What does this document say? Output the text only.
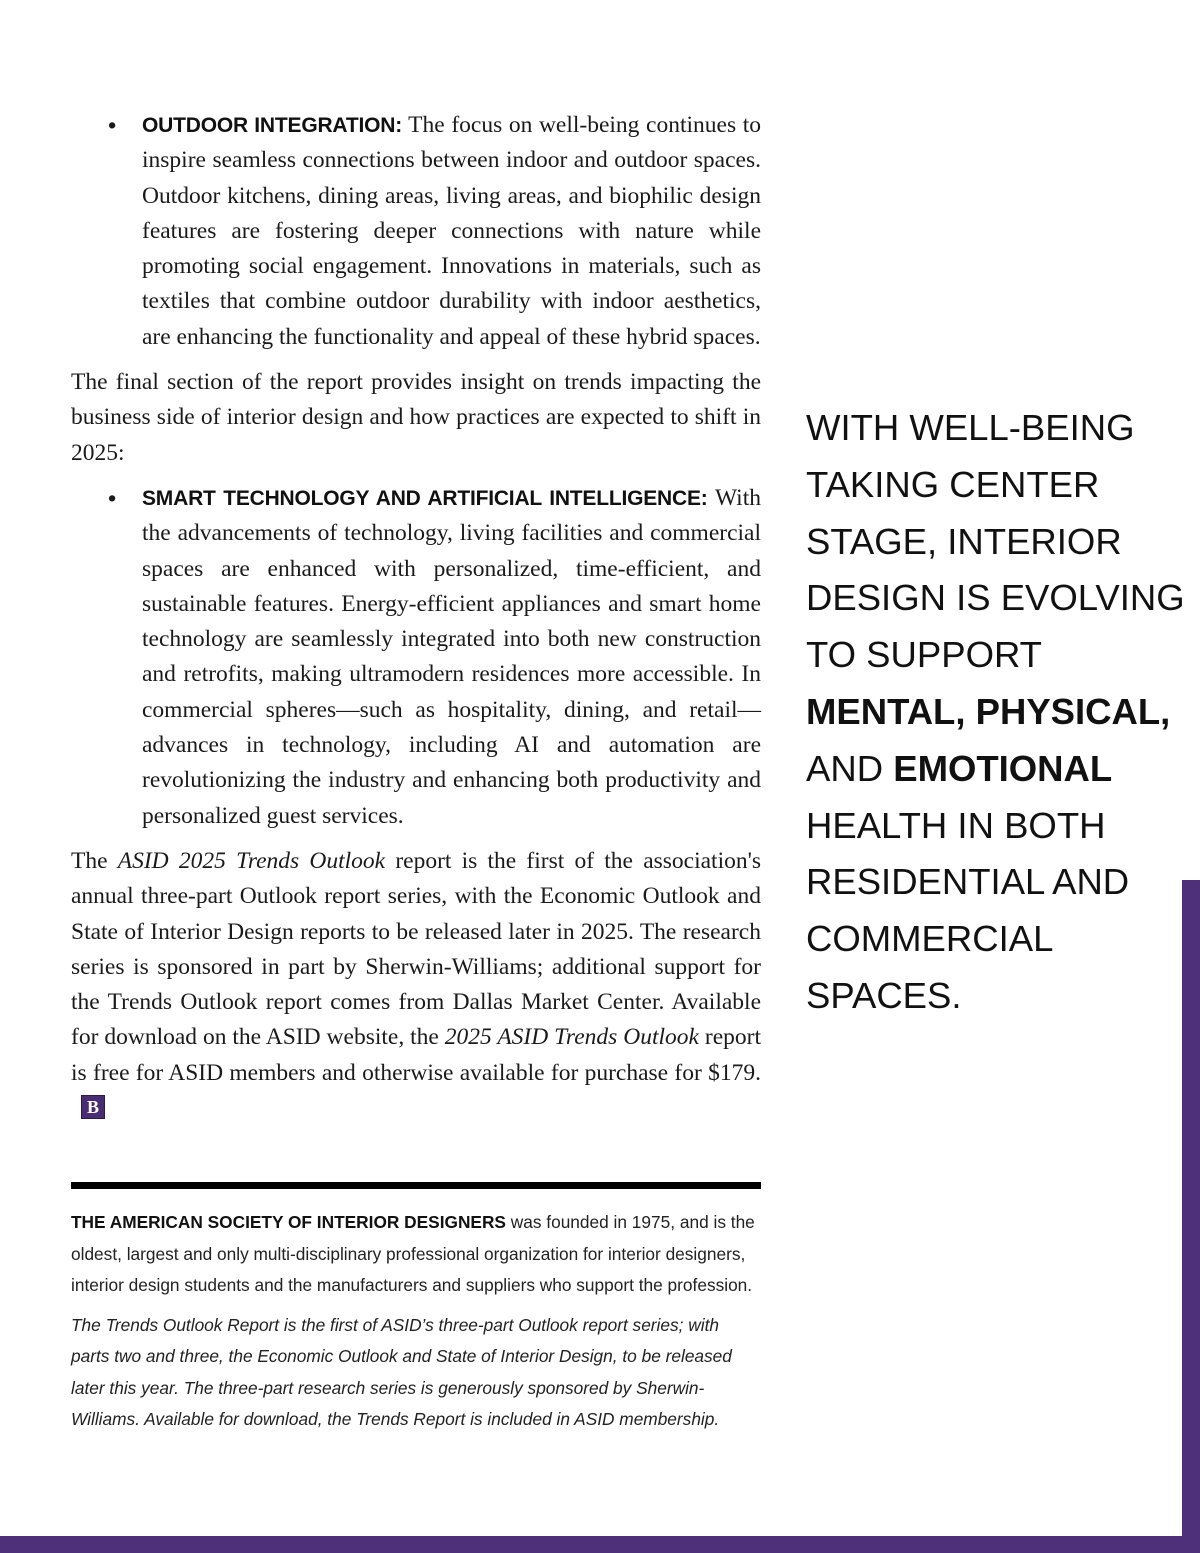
• OUTDOOR INTEGRATION: The focus on well-being continues to inspire seamless connections between indoor and outdoor spaces. Outdoor kitchens, dining areas, living areas, and biophilic design features are fostering deeper connections with nature while promoting social engagement. Innovations in materials, such as textiles that combine outdoor durability with indoor aesthetics, are enhancing the functionality and appeal of these hybrid spaces.

The final section of the report provides insight on trends impacting the business side of interior design and how practices are expected to shift in 2025:

• SMART TECHNOLOGY AND ARTIFICIAL INTELLIGENCE: With the advancements of technology, living facilities and commercial spaces are enhanced with personalized, time-efficient, and sustainable features. Energy-efficient appliances and smart home technology are seamlessly integrated into both new construction and retrofits, making ultramodern residences more accessible. In commercial spheres—such as hospitality, dining, and retail—advances in technology, including AI and automation are revolutionizing the industry and enhancing both productivity and personalized guest services.

The ASID 2025 Trends Outlook report is the first of the association's annual three-part Outlook report series, with the Economic Outlook and State of Interior Design reports to be released later in 2025. The research series is sponsored in part by Sherwin-Williams; additional support for the Trends Outlook report comes from Dallas Market Center. Available for download on the ASID website, the 2025 ASID Trends Outlook report is free for ASID members and otherwise available for purchase for $179.B

THE AMERICAN SOCIETY OF INTERIOR DESIGNERS was founded in 1975, and is the oldest, largest and only multi-disciplinary professional organization for interior designers, interior design students and the manufacturers and suppliers who support the profession.

The Trends Outlook Report is the first of ASID’s three-part Outlook report series; with parts two and three, the Economic Outlook and State of Interior Design, to be released later this year. The three-part research series is generously sponsored by Sherwin-Williams. Available for download, the Trends Report is included in ASID membership.

WITH WELL-BEING TAKING CENTER STAGE, INTERIOR DESIGN IS EVOLVING TO SUPPORT MENTAL, PHYSICAL, AND EMOTIONAL HEALTH IN BOTH RESIDENTIAL AND COMMERCIAL SPACES.
